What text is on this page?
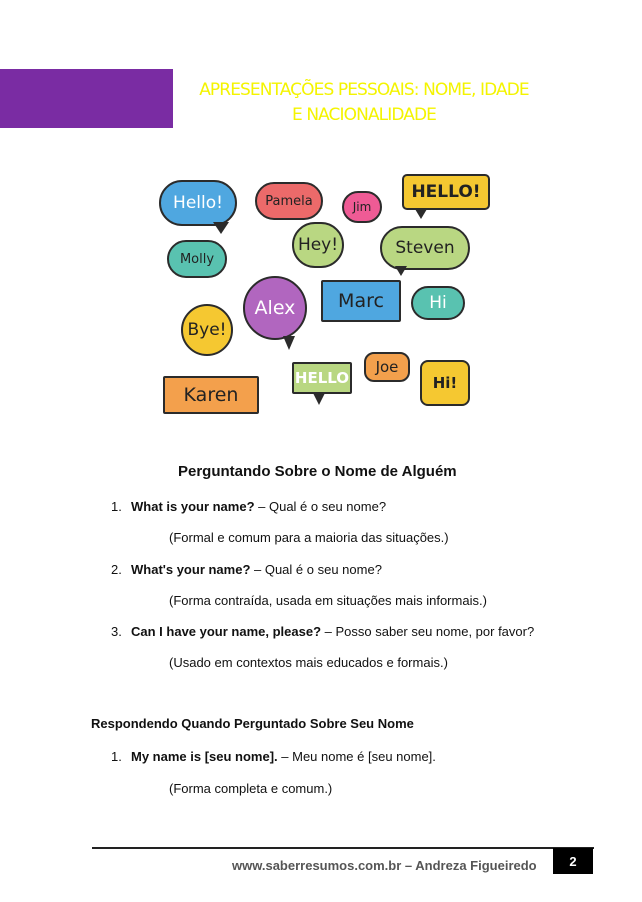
APRESENTAÇÕES PESSOAIS: NOME, IDADE
E NACIONALIDADE
Hello!	Pamela	Jim
HELLO!
Molly
Hey!	Steven
Alex	Marc	Hi
Bye!
Karen
HELLO
Joe
Hi!
Perguntando Sobre o Nome de Alguém
1. What is your name? – Qual é o seu nome?
(Formal e comum para a maioria das situações.)
2. What's your name? – Qual é o seu nome?
(Forma contraída, usada em situações mais informais.)
3. Can I have your name, please? – Posso saber seu nome, por favor?
(Usado em contextos mais educados e formais.)
Respondendo Quando Perguntado Sobre Seu Nome
1. My name is [seu nome]. – Meu nome é [seu nome].
(Forma completa e comum.)
www.saberresumos.com.br – Andreza Figueiredo	2
